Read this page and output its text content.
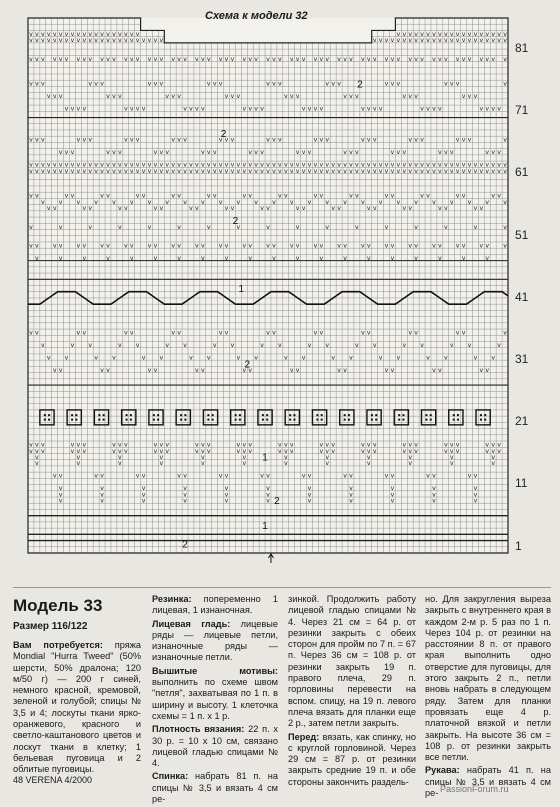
v
v
v
v
v
v
v
v
v
v
v
v
v
v
v
v
v
v
v
v
v
v
v
v
v
v
v
v
v
v
v
v
v
v
v
v
v
v
v
v
v
v
v
v
v
v
v
v
v
v
v
v
v
v
v
v
v
v
v
v
v
v
v
v
v
v
v
v
v
v
v
v
v
v
v
v
v
v
v
v
v
v
v
v
v
v
v
v
v
v
v
v
v
v
v
v
v
v
v
v
v
v
v
v
v
v
v
v
v
v
v
v
v
v
v
v
v
v
v
v
v
v
v
v
v
v
v
v
v
v
v
v
v
v
v
v
v
v
v
v
v
v
v
v
v
v
v
v
v
v
v
v
v
v
v
v
v
v
v
v
v
v
v v v v v v v v v v v v v v v v v v v	v v v v v v v v v v v v v v v v v v v
v v v v v v v v v v v v v v v v v v v v v v v	v v v v v v v v v v v v v v v v v v v v v v v
v v v v v v v v v v v v v v v v v v v v v v v v v v v v v v v v v v v v v v v v v v v v v v v v v v v v v v v v v v v v v
v
v
v
v
v
v
v v v
v
v
v
v
v
v
v
v
v
v
v
v v
v
v
v
v
v
v
v
v
v
v
v
v
v
v v
v
v
v
v
v
v
v
v
v
v
v
v v v
v
v
v
v
v
v
v
v
v
v
v
v
v v
v
v
v
v
v
v
v
v
v
v
v
v v v
v
v
v
v
v
v
v
v
v
v
v
v v
v
v
v
v
v
v
v
v
v
v
v
v
v
v v
v
v
v
v
v
v
v
v
v
v
v
v v v
v
v
v
v
v
v
v
v
v
v
v
v
v v
v
v
v
v
v
v
v
v
v
v
v
v
v
v
v v
v
v
v
v
v
v v
v
v
v
v
v
v
v
v
v
v
v
v
v
v
v
v
v
v
v
v
v
v v
v
v
v
v
v
v
v
v
v
v
v
v
v
v
v
v v
v
v
v
v
v
v
v
v
v
v
v
v
v
v
v
v
v
v
v
v
v
v v
v
v
v
v
v
v v
v
v
v
v
v
v
v
v
v
v
v
v
v
v
v
v v
v
v
v
v
v v
v
v
v
v
v
v
v
v
v
v
v
v
v
v
v
v v
v
v
v
v
v
v v
v
v
v
v
v
v
v
v
v
v
v
v
v
v
v
v
v
v
v
v
v
v v
v
v
v
v v
v
v
v v
v
v
v v
v
v
v v
v
v
v v
v
v
v v
v
v
v v
v
v
v v
v
v
v v
v
v
v v
v
v
v v
v
v
v v
v
v
v v
v
v
v v
v
v
v v
v
v
v v
v
v
v v
v
v
v v
v
v
v v
v
v
v v
v
v
v
v
v
v
v
v
v
v
v
v v
v
v
v
v
v
v
v
v
v
v
v
v v
v
v
v
v
v
v
v
v
v
v
v
v v
v
v
v
v
v
v
v
v
v
v
v
v v
v
v
v
v
v
v
v
v
v
v
v
v v
v
v
v
v
v
v
v
v
v
v
v
v v
v
v
v
v
v
v
v
v
v
v
v
v v
v
v
v
v
v
v
v
v
v
v
v
v v
v
v
v
v
v
v
v
v
v
v
v
v v
v
v
v
v
v
v
v
v
v
v
v
v v
v
v
v
v
v
v
v
v
v
v
v
v v
v
v
v
v
v
v
v
v
v
v
v
2
1
2
1
2
1
2
2
2
Схема к модели 32
81
71
61
51
41
31
21
11
1
Модель 33
Размер 116/122

Вам потребуется: пряжа Mondial "Hurra Tweed" (50% шерсти, 50% дралона; 120 м/50 г) — 200 г синей, немного красной, кремовой, зеленой и голубой; спицы № 3,5 и 4; лоскуты ткани ярко-оранжевого, красного и светло-каштанового цветов и лоскут ткани в клетку; 1 бельевая пуговица и 2 облитые пуговицы.

Резинка: попеременно 1 лицевая, 1 изнаночная.

Лицевая гладь: лицевые ряды — лицевые петли, изнаночные ряды — изнаночные петли.

Вышитые мотивы: выполнить по схеме швом "петля", захватывая по 1 п. в ширину и высоту. 1 клеточка схемы = 1 п. х 1 р.

Плотность вязания: 22 п. х 30 р. = 10 х 10 см, связано лицевой гладью спицами № 4.

Спинка: набрать 81 п. на спицы № 3,5 и вязать 4 см ре-

зинкой. Продолжить работу лицевой гладью спицами № 4. Через 21 см = 64 р. от резинки закрыть с обеих сторон для пройм по 7 п. = 67 п. Через 36 см = 108 р. от резинки закрыть 19 п. правого плеча, 29 п. горловины перевести на вспом. спицу, на 19 п. левого плеча вязать для планки еще 2 р., затем петли закрыть.

Перед: вязать, как спинку, но с круглой горловиной. Через 29 см = 87 р. от резинки закрыть средние 19 п. и обе стороны закончить раздель-

но. Для закругления выреза закрыть с внутреннего края в каждом 2-м р. 5 раз по 1 п. Через 104 р. от резинки на расстоянии 8 п. от правого края выполнить одно отверстие для пуговицы, для этого закрыть 2 п., петли вновь набрать в следующем ряду. Затем для планки провязать еще 4 р. платочной вязкой и петли закрыть. На высоте 36 см = 108 р. от резинки закрыть все петли.

Рукава: набрать 41 п. на спицы № 3,5 и вязать 4 см ре-

48 VERENA 4/2000
PassionForum.ru
